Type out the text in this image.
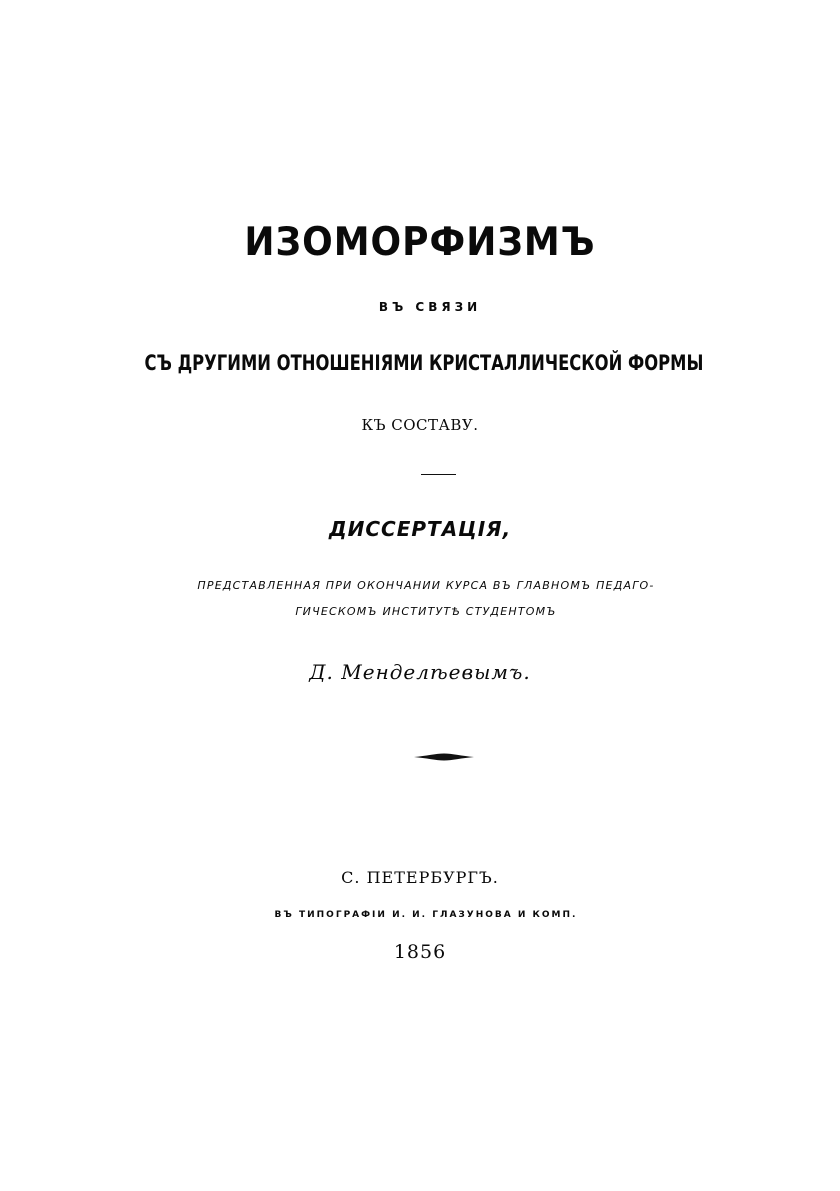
ИЗОМОРФИЗМЪ
ВЪ СВЯЗИ
СЪ ДРУГИМИ ОТНОШЕНІЯМИ КРИСТАЛЛИЧЕСКОЙ ФОРМЫ
КЪ СОСТАВУ.
ДИССЕРТАЦІЯ,
ПРЕДСТАВЛЕННАЯ ПРИ ОКОНЧАНИИ КУРСА ВЪ ГЛАВНОМЪ ПЕДАГО-
ГИЧЕСКОМЪ ИНСТИТУТѢ СТУДЕНТОМЪ
Д. Менделѣевымъ.
С. ПЕТЕРБУРГЪ.
ВЪ ТИПОГРАФІИ И. И. ГЛАЗУНОВА И КОМП.
1856
